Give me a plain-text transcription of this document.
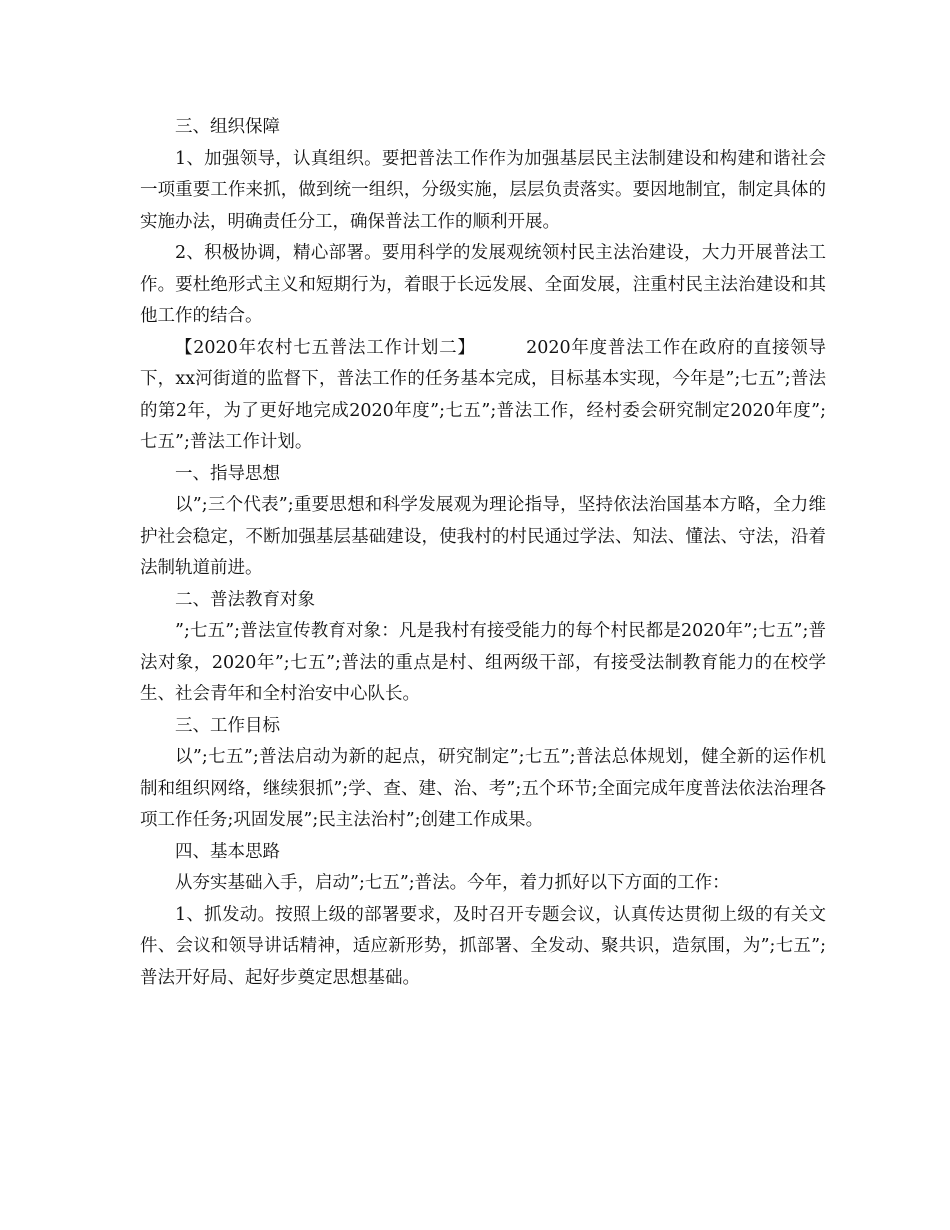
三、组织保障

1、加强领导，认真组织。要把普法工作作为加强基层民主法制建设和构建和谐社会一项重要工作来抓，做到统一组织，分级实施，层层负责落实。要因地制宜，制定具体的实施办法，明确责任分工，确保普法工作的顺利开展。

2、积极协调，精心部署。要用科学的发展观统领村民主法治建设，大力开展普法工作。要杜绝形式主义和短期行为，着眼于长远发展、全面发展，注重村民主法治建设和其他工作的结合。

【2020年农村七五普法工作计划二】        2020年度普法工作在政府的直接领导下，xx河街道的监督下，普法工作的任务基本完成，目标基本实现，今年是”;七五”;普法的第2年，为了更好地完成2020年度”;七五”;普法工作，经村委会研究制定2020年度”;七五”;普法工作计划。

一、指导思想

以”;三个代表”;重要思想和科学发展观为理论指导，坚持依法治国基本方略，全力维护社会稳定，不断加强基层基础建设，使我村的村民通过学法、知法、懂法、守法，沿着法制轨道前进。

二、普法教育对象

”;七五”;普法宣传教育对象：凡是我村有接受能力的每个村民都是2020年”;七五”;普法对象，2020年”;七五”;普法的重点是村、组两级干部，有接受法制教育能力的在校学生、社会青年和全村治安中心队长。

三、工作目标

以”;七五”;普法启动为新的起点，研究制定”;七五”;普法总体规划，健全新的运作机制和组织网络，继续狠抓”;学、查、建、治、考”;五个环节;全面完成年度普法依法治理各项工作任务;巩固发展”;民主法治村”;创建工作成果。

四、基本思路

从夯实基础入手，启动”;七五”;普法。今年，着力抓好以下方面的工作：

1、抓发动。按照上级的部署要求，及时召开专题会议，认真传达贯彻上级的有关文件、会议和领导讲话精神，适应新形势，抓部署、全发动、聚共识，造氛围，为”;七五”;普法开好局、起好步奠定思想基础。
